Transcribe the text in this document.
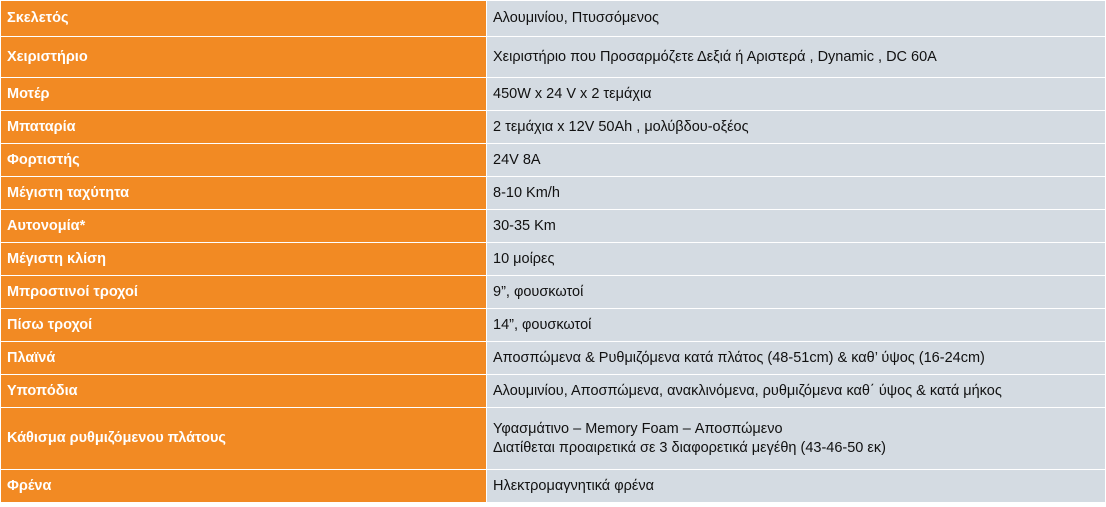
Σκελετός	Αλουμινίου, Πτυσσόμενος
Χειριστήριο	Χειριστήριο που Προσαρμόζετε Δεξιά ή Αριστερά , Dynamic , DC 60A
Μοτέρ	450W x 24 V x 2 τεμάχια
Μπαταρία	2 τεμάχια x 12V 50Ah , μολύβδου-οξέος
Φορτιστής	24V 8A
Μέγιστη ταχύτητα	8-10 Km/h
Αυτονομία*	30-35 Km
Μέγιστη κλίση	10 μοίρες
Μπροστινοί τροχοί	9”, φουσκωτοί
Πίσω τροχοί	14”, φουσκωτοί
Πλαϊνά	Αποσπώμενα & Ρυθμιζόμενα κατά πλάτος (48-51cm) & καθ’ ύψος (16-24cm)
Υποπόδια	Αλουμινίου, Αποσπώμενα, ανακλινόμενα, ρυθμιζόμενα καθ΄ ύψος & κατά μήκος
Κάθισμα ρυθμιζόμενου πλάτους	Υφασμάτινο – Memory Foam – Αποσπώμενο
Διατίθεται προαιρετικά σε 3 διαφορετικά μεγέθη (43-46-50 εκ)

Φρένα	Ηλεκτρομαγνητικά φρένα
